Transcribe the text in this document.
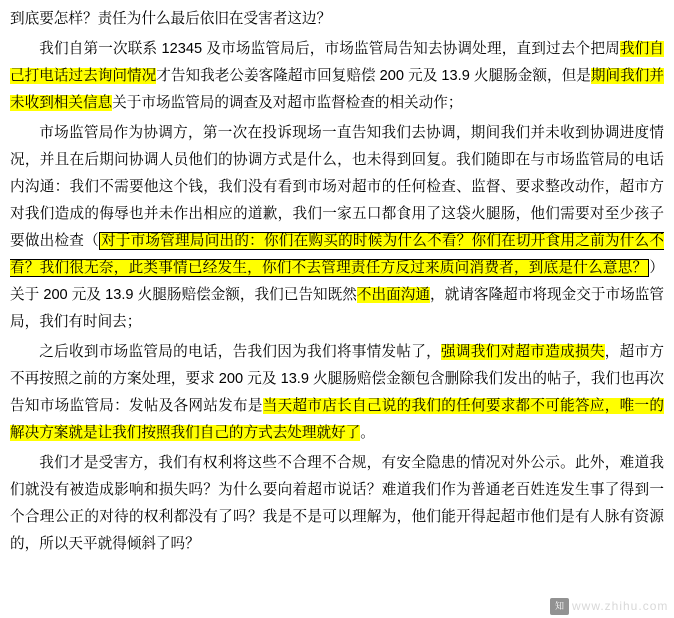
到底要怎样？责任为什么最后依旧在受害者这边？

我们自第一次联系 12345 及市场监管局后，市场监管局告知去协调处理，直到过去个把周我们自己打电话过去询问情况才告知我老公姜客隆超市回复赔偿 200 元及 13.9 火腿肠金额，但是期间我们并未收到相关信息关于市场监管局的调查及对超市监督检查的相关动作；

市场监管局作为协调方，第一次在投诉现场一直告知我们去协调，期间我们并未收到协调进度情况，并且在后期问协调人员他们的协调方式是什么，也未得到回复。我们随即在与市场监管局的电话内沟通：我们不需要他这个钱，我们没有看到市场对超市的任何检查、监督、要求整改动作，超市方对我们造成的侮辱也并未作出相应的道歉，我们一家五口都食用了这袋火腿肠，他们需要对至少孩子要做出检查（ 对于市场管理局问出的：你们在购买的时候为什么不看？你们在切开食用之前为什么不看？我们很无奈，此类事情已经发生，你们不去管理责任方反过来质问消费者，到底是什么意思？ ）关于 200 元及 13.9 火腿肠赔偿金额，我们已告知既然不出面沟通，就请客隆超市将现金交于市场监管局，我们有时间去；

之后收到市场监管局的电话，告我们因为我们将事情发帖了，强调我们对超市造成损失，超市方不再按照之前的方案处理，要求 200 元及 13.9 火腿肠赔偿金额包含删除我们发出的帖子，我们也再次告知市场监管局：发帖及各网站发布是当天超市店长自己说的我们的任何要求都不可能答应，唯一的解决方案就是让我们按照我们自己的方式去处理就好了。

我们才是受害方，我们有权利将这些不合理不合规，有安全隐患的情况对外公示。此外，难道我们就没有被造成影响和损失吗？为什么要向着超市说话？难道我们作为普通老百姓连发生事了得到一个合理公正的对待的权利都没有了吗？我是不是可以理解为，他们能开得起超市他们是有人脉有资源的，所以天平就得倾斜了吗？

知 www.zhihu.com
